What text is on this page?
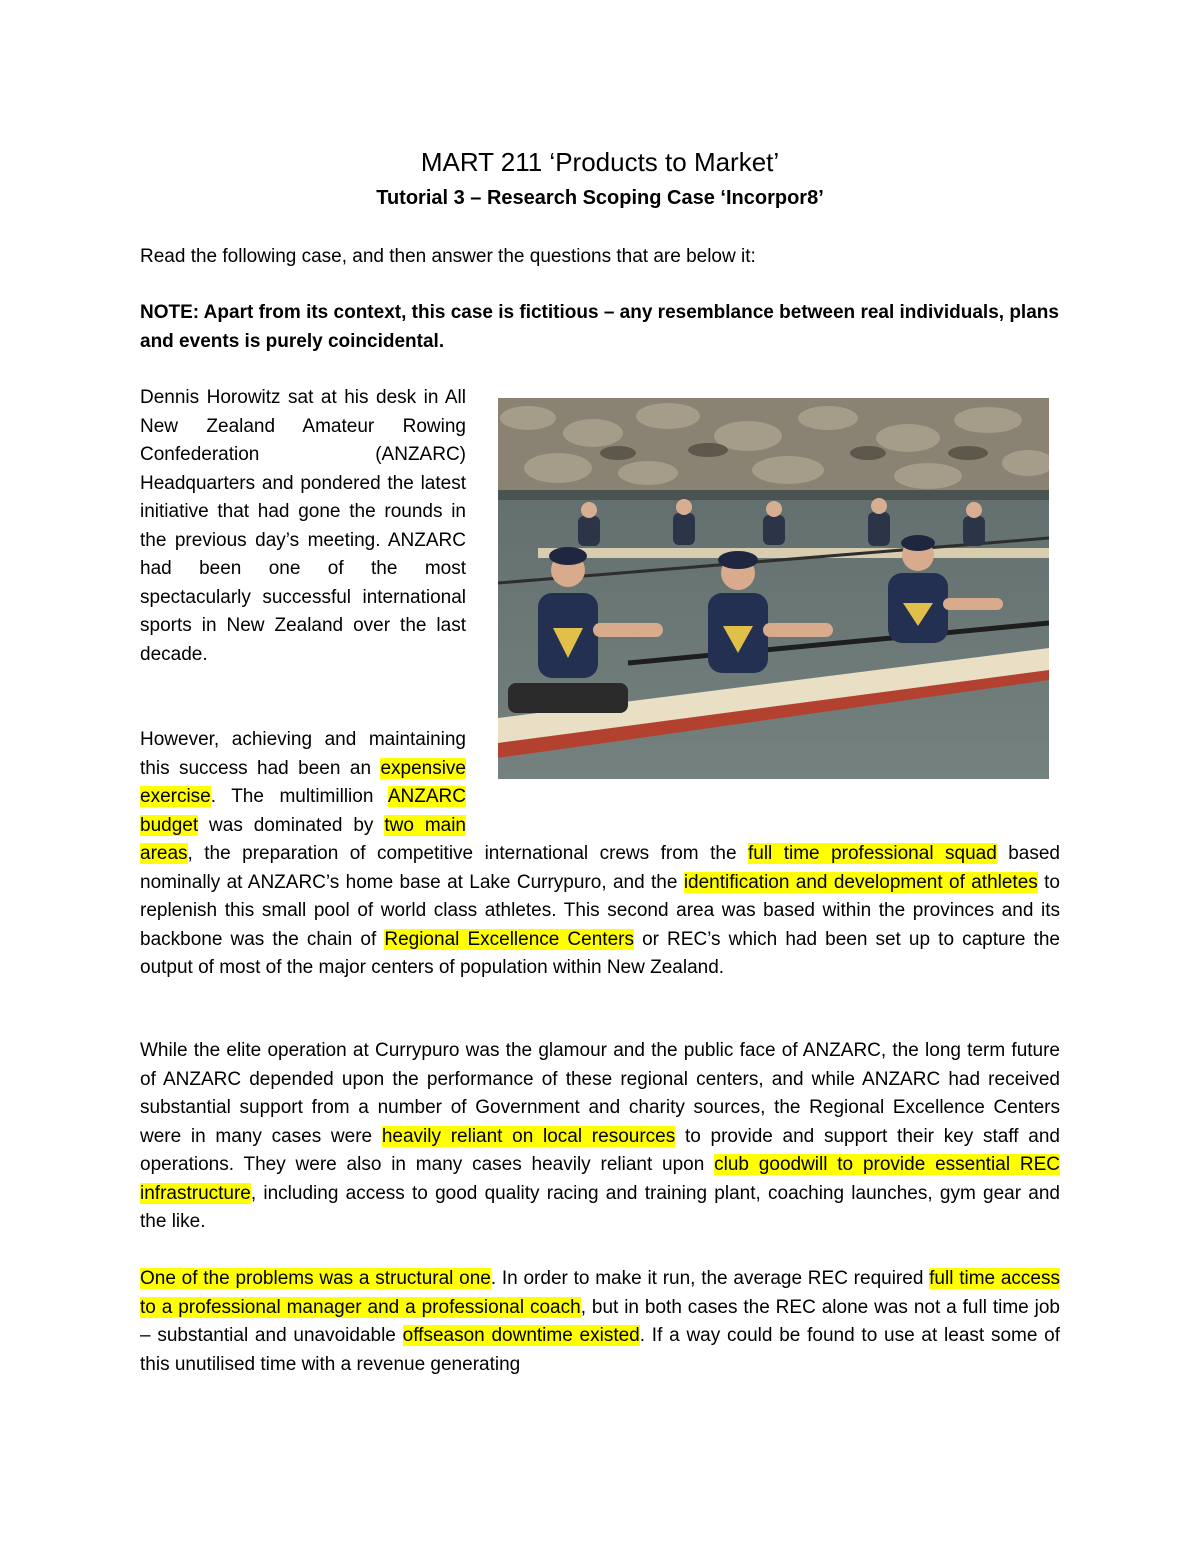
MART 211 ‘Products to Market’
Tutorial 3 – Research Scoping Case ‘Incorpor8’

Read the following case, and then answer the questions that are below it:

NOTE: Apart from its context, this case is fictitious – any resemblance between real individuals, plans and events is purely coincidental.

Dennis Horowitz sat at his desk in All New Zealand Amateur Rowing Confederation (ANZARC) Headquarters and pondered the latest initiative that had gone the rounds in the previous day’s meeting. ANZARC had been one of the most spectacularly successful international sports in New Zealand over the last decade.

However, achieving and maintaining this success had been an expensive exercise. The multimillion ANZARC budget was dominated by two main areas, the preparation of competitive international crews from the full time professional squad based nominally at ANZARC’s home base at Lake Currypuro, and the identification and development of athletes to replenish this small pool of world class athletes. This second area was based within the provinces and its backbone was the chain of Regional Excellence Centers or REC’s which had been set up to capture the output of most of the major centers of population within New Zealand.

While the elite operation at Currypuro was the glamour and the public face of ANZARC, the long term future of ANZARC depended upon the performance of these regional centers, and while ANZARC had received substantial support from a number of Government and charity sources, the Regional Excellence Centers were in many cases were heavily reliant on local resources to provide and support their key staff and operations. They were also in many cases heavily reliant upon club goodwill to provide essential REC infrastructure, including access to good quality racing and training plant, coaching launches, gym gear and the like.

One of the problems was a structural one. In order to make it run, the average REC required full time access to a professional manager and a professional coach, but in both cases the REC alone was not a full time job – substantial and unavoidable offseason downtime existed. If a way could be found to use at least some of this unutilised time with a revenue generating
